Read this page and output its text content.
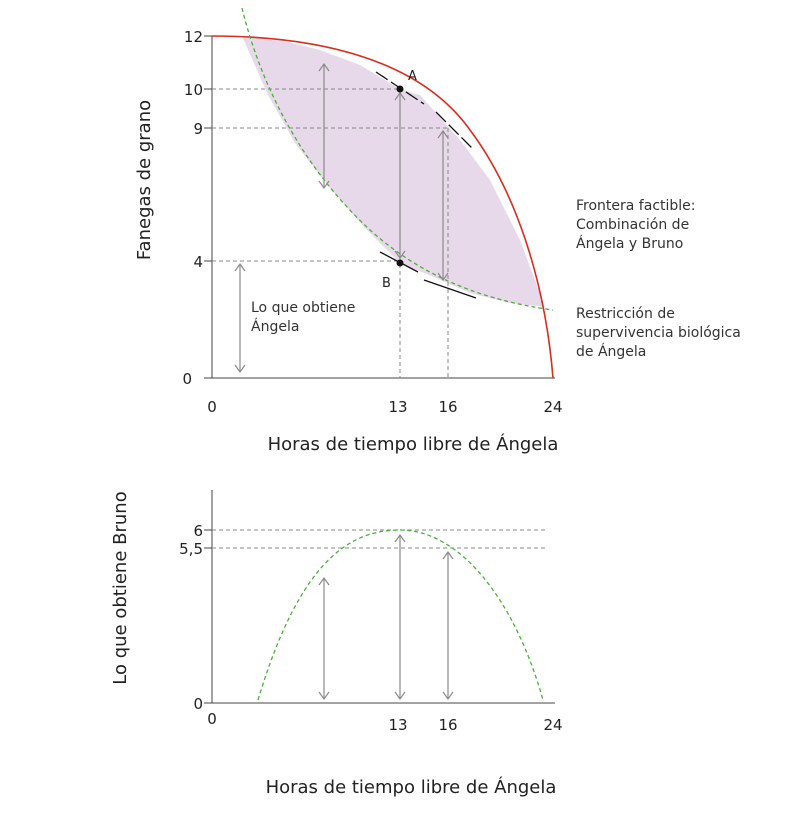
A
B
12
10
9
4
0
0	13 16	24
Horas de tiempo libre de Ángela
Fanegas de grano
Lo que obtiene
Ángela
Frontera factible:
Combinación de
Ángela y Bruno
Restricción de
supervivencia biológica
de Ángela
6
5,5
0
0	13 16	24
Horas de tiempo libre de Ángela
Lo que obtiene Bruno
